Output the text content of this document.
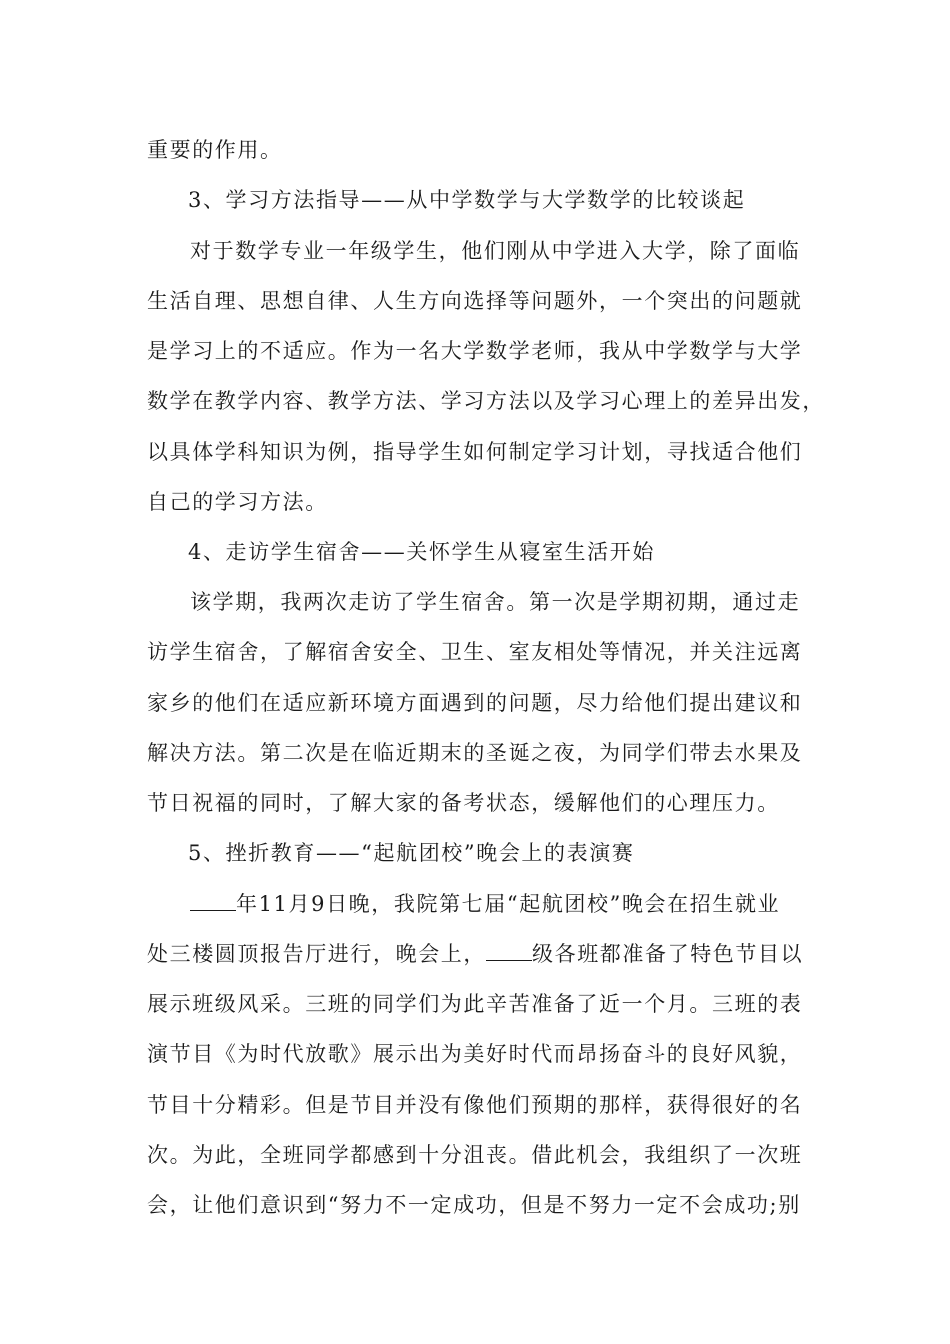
重要的作用。
3、学习方法指导——从中学数学与大学数学的比较谈起
对于数学专业一年级学生，他们刚从中学进入大学，除了面临
生活自理、思想自律、人生方向选择等问题外，一个突出的问题就
是学习上的不适应。作为一名大学数学老师，我从中学数学与大学
数学在教学内容、教学方法、学习方法以及学习心理上的差异出发，
以具体学科知识为例，指导学生如何制定学习计划，寻找适合他们
自己的学习方法。
4、走访学生宿舍——关怀学生从寝室生活开始
该学期，我两次走访了学生宿舍。第一次是学期初期，通过走
访学生宿舍，了解宿舍安全、卫生、室友相处等情况，并关注远离
家乡的他们在适应新环境方面遇到的问题，尽力给他们提出建议和
解决方法。第二次是在临近期末的圣诞之夜，为同学们带去水果及
节日祝福的同时，了解大家的备考状态，缓解他们的心理压力。
5、挫折教育——“起航团校”晚会上的表演赛
年11月9日晚，我院第七届“起航团校”晚会在招生就业
处三楼圆顶报告厅进行，晚会上， 级各班都准备了特色节目以
展示班级风采。三班的同学们为此辛苦准备了近一个月。三班的表
演节目《为时代放歌》展示出为美好时代而昂扬奋斗的良好风貌，
节目十分精彩。但是节目并没有像他们预期的那样，获得很好的名
次。为此，全班同学都感到十分沮丧。借此机会，我组织了一次班
会，让他们意识到“努力不一定成功，但是不努力一定不会成功;别
